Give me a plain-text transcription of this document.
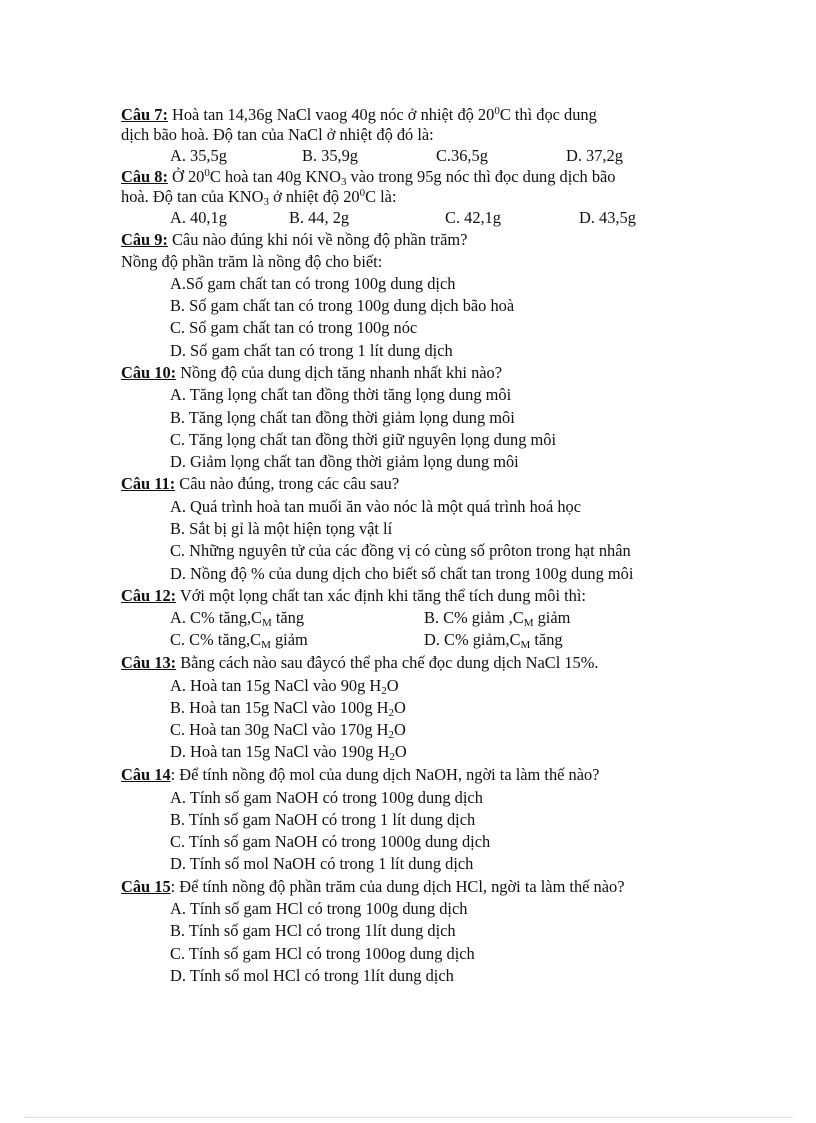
Câu 7: Hoà tan 14,36g NaCl vaog 40g nóc ở nhiệt độ $20^0C$ thì đọc dung
dịch bão hoà. Độ tan của NaCl ở nhiệt độ đó là:
A. 35,5g	B. 35,9g	C.36,5g	D. 37,2g
Câu 8: Ở $20^0C$ hoà tan 40g $KNO_3$ vào trong 95g nóc thì đọc dung dịch bão
hoà. Độ tan của $KNO_3$ ở nhiệt độ $20^0C$ là:
A. 40,1g	B. 44, 2g	C. 42,1g	D. 43,5g
Câu 9: Câu nào đúng khi nói về nồng độ phần trăm?
Nồng độ phần trăm là nồng độ cho biết:
A.Số gam chất tan có trong 100g dung dịch
B. Số gam chất tan có trong 100g dung dịch bão hoà
C. Số gam chất tan có trong 100g nóc
D. Số gam chất tan có trong 1 lít dung dịch
Câu 10: Nồng độ của dung dịch tăng nhanh nhất khi nào?
A. Tăng lọng chất tan đồng thời tăng lọng dung môi
B. Tăng lọng chất tan đồng thời giảm lọng dung môi
C. Tăng lọng chất tan đồng thời giữ nguyên lọng dung môi
D. Giảm lọng chất tan đồng thời giảm lọng dung môi
Câu 11: Câu nào đúng, trong các câu sau?
A. Quá trình hoà tan muối ăn vào nóc là một quá trình hoá học
B. Sắt bị gỉ là một hiện tọng vật lí
C. Những nguyên tử của các đồng vị có cùng số prôton trong hạt nhân
D. Nồng độ % của dung dịch cho biết số chất tan trong 100g dung môi
Câu 12: Với một lọng chất tan xác định khi tăng thể tích dung môi thì:
A. C% $tăng,C_M$ tăng	B. C% giảm $,C_M$ giảm
C. C% $tăng,C_M$ giảm	D. C% $giảm,C_M$ tăng
Câu 13: Bằng cách nào sau đâycó thể pha chế đọc dung dịch NaCl 15%.
A. Hoà tan 15g NaCl vào 90g $H_2O$
B. Hoà tan 15g NaCl vào 100g $H_2O$
C. Hoà tan 30g NaCl vào 170g $H_2O$
D. Hoà tan 15g NaCl vào 190g $H_2O$
Câu 14: Để tính nồng độ mol của dung dịch NaOH, ngời ta làm thế nào?
A. Tính số gam NaOH có trong 100g dung dịch
B. Tính số gam NaOH có trong 1 lít dung dịch
C. Tính số gam NaOH có trong 1000g dung dịch
D. Tính số mol NaOH có trong 1 lít dung dịch
Câu 15: Để tính nồng độ phần trăm của dung dịch HCl, ngời ta làm thế nào?
A. Tính số gam HCl có trong 100g dung dịch
B. Tính số gam HCl có trong 1lít dung dịch
C. Tính số gam HCl có trong 100og dung dịch
D. Tính số mol HCl có trong 1lít dung dịch
